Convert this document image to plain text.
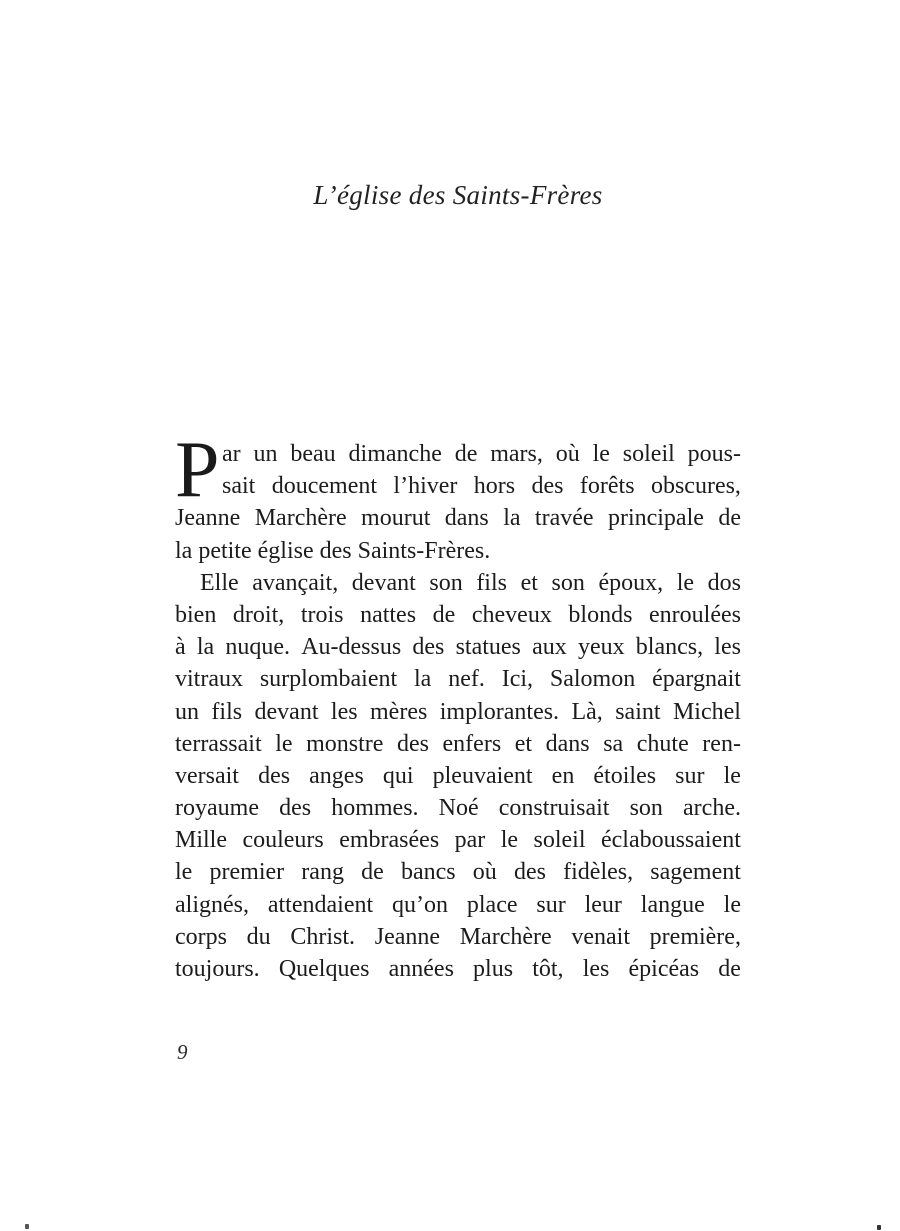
L’église des Saints-Frères
P ar un beau dimanche de mars, où le soleil pous-
sait doucement l’hiver hors des forêts obscures,
Jeanne Marchère mourut dans la travée principale de
la petite église des Saints-Frères.
Elle avançait, devant son fils et son époux, le dos
bien droit, trois nattes de cheveux blonds enroulées
à la nuque. Au-dessus des statues aux yeux blancs, les
vitraux surplombaient la nef. Ici, Salomon épargnait
un fils devant les mères implorantes. Là, saint Michel
terrassait le monstre des enfers et dans sa chute ren-
versait des anges qui pleuvaient en étoiles sur le
royaume des hommes. Noé construisait son arche.
Mille couleurs embrasées par le soleil éclaboussaient
le premier rang de bancs où des fidèles, sagement
alignés, attendaient qu’on place sur leur langue le
corps du Christ. Jeanne Marchère venait première,
toujours. Quelques années plus tôt, les épicéas de
9
